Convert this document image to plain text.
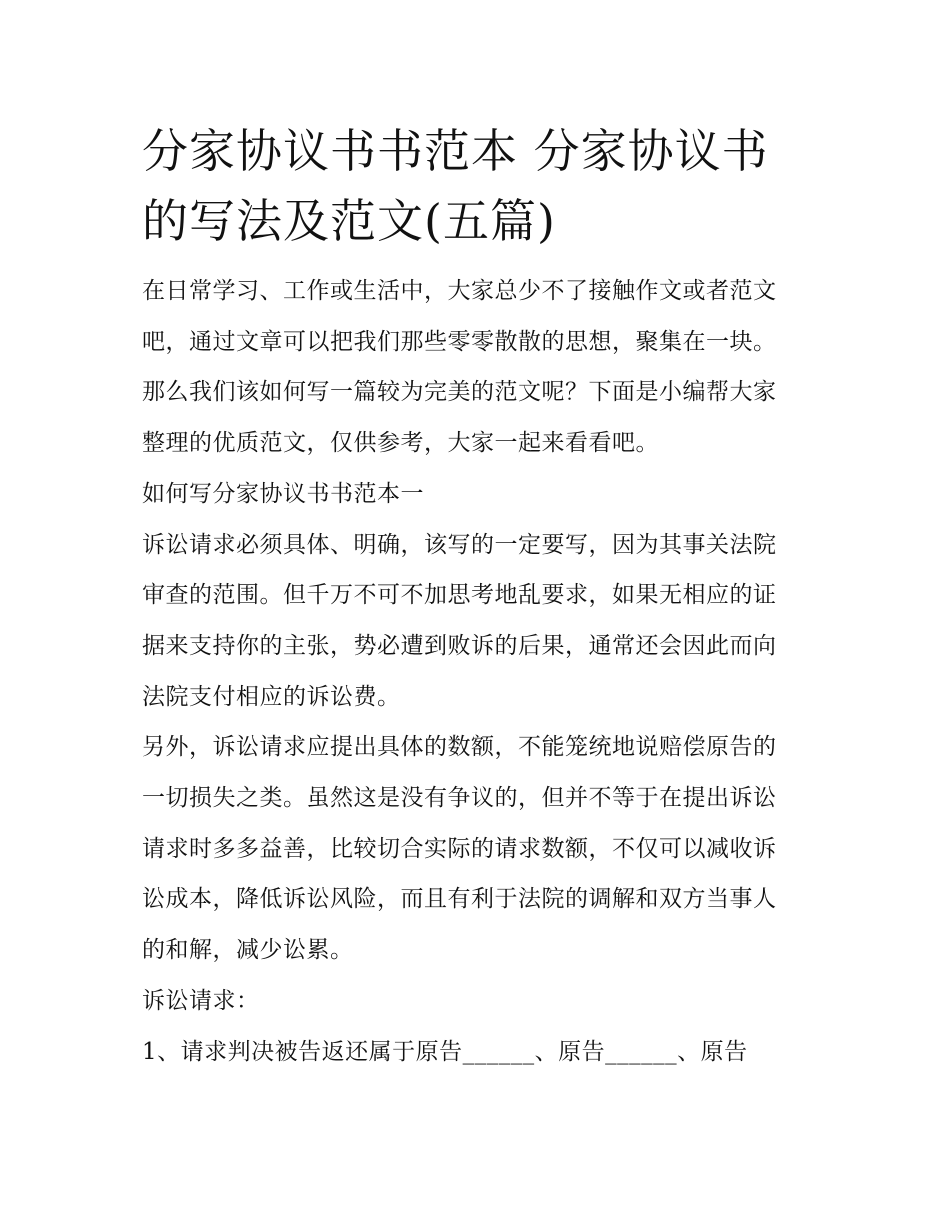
分家协议书书范本 分家协议书
的写法及范文(五篇)

在日常学习、工作或生活中，大家总少不了接触作文或者范文
吧，通过文章可以把我们那些零零散散的思想，聚集在一块。
那么我们该如何写一篇较为完美的范文呢？下面是小编帮大家
整理的优质范文，仅供参考，大家一起来看看吧。

如何写分家协议书书范本一

诉讼请求必须具体、明确，该写的一定要写，因为其事关法院
审查的范围。但千万不可不加思考地乱要求，如果无相应的证
据来支持你的主张，势必遭到败诉的后果，通常还会因此而向
法院支付相应的诉讼费。

另外，诉讼请求应提出具体的数额，不能笼统地说赔偿原告的
一切损失之类。虽然这是没有争议的，但并不等于在提出诉讼
请求时多多益善，比较切合实际的请求数额，不仅可以减收诉
讼成本，降低诉讼风险，而且有利于法院的调解和双方当事人
的和解，减少讼累。

诉讼请求：

1、请求判决被告返还属于原告______、原告______、原告
